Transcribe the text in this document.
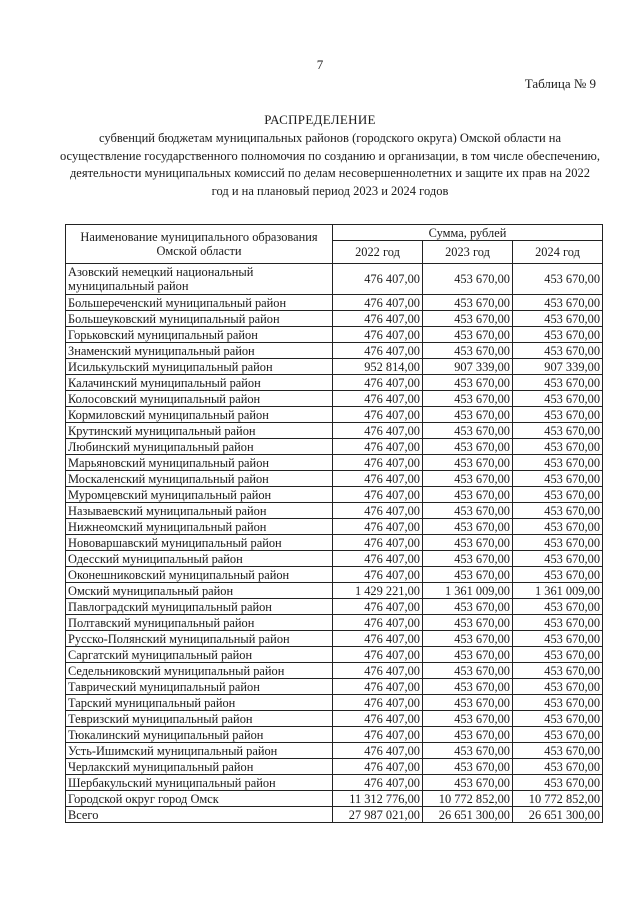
7
Таблица № 9
РАСПРЕДЕЛЕНИЕ
субвенций бюджетам муниципальных районов (городского округа) Омской области на осуществление государственного полномочия по созданию и организации, в том числе обеспечению, деятельности муниципальных комиссий по делам несовершеннолетних и защите их прав на 2022 год и на плановый период 2023 и 2024 годов
Наименование муниципального образования Омской области	Сумма, рублей		
	2022 год	2023 год	2024 год
Азовский немецкий национальный муниципальный район	476 407,00	453 670,00	453 670,00
Большереченский муниципальный район	476 407,00	453 670,00	453 670,00
Большеуковский муниципальный район	476 407,00	453 670,00	453 670,00
Горьковский муниципальный район	476 407,00	453 670,00	453 670,00
Знаменский муниципальный район	476 407,00	453 670,00	453 670,00
Исилькульский муниципальный район	952 814,00	907 339,00	907 339,00
Калачинский муниципальный район	476 407,00	453 670,00	453 670,00
Колосовский муниципальный район	476 407,00	453 670,00	453 670,00
Кормиловский муниципальный район	476 407,00	453 670,00	453 670,00
Крутинский муниципальный район	476 407,00	453 670,00	453 670,00
Любинский муниципальный район	476 407,00	453 670,00	453 670,00
Марьяновский муниципальный район	476 407,00	453 670,00	453 670,00
Москаленский муниципальный район	476 407,00	453 670,00	453 670,00
Муромцевский муниципальный район	476 407,00	453 670,00	453 670,00
Называевский муниципальный район	476 407,00	453 670,00	453 670,00
Нижнеомский муниципальный район	476 407,00	453 670,00	453 670,00
Нововаршавский муниципальный район	476 407,00	453 670,00	453 670,00
Одесский муниципальный район	476 407,00	453 670,00	453 670,00
Оконешниковский муниципальный район	476 407,00	453 670,00	453 670,00
Омский муниципальный район	1 429 221,00	1 361 009,00	1 361 009,00
Павлоградский муниципальный район	476 407,00	453 670,00	453 670,00
Полтавский муниципальный район	476 407,00	453 670,00	453 670,00
Русско-Полянский муниципальный район	476 407,00	453 670,00	453 670,00
Саргатский муниципальный район	476 407,00	453 670,00	453 670,00
Седельниковский муниципальный район	476 407,00	453 670,00	453 670,00
Таврический муниципальный район	476 407,00	453 670,00	453 670,00
Тарский муниципальный район	476 407,00	453 670,00	453 670,00
Тевризский муниципальный район	476 407,00	453 670,00	453 670,00
Тюкалинский муниципальный район	476 407,00	453 670,00	453 670,00
Усть-Ишимский муниципальный район	476 407,00	453 670,00	453 670,00
Черлакский муниципальный район	476 407,00	453 670,00	453 670,00
Шербакульский муниципальный район	476 407,00	453 670,00	453 670,00
Городской округ город Омск	11 312 776,00	10 772 852,00	10 772 852,00
Всего	27 987 021,00	26 651 300,00	26 651 300,00
